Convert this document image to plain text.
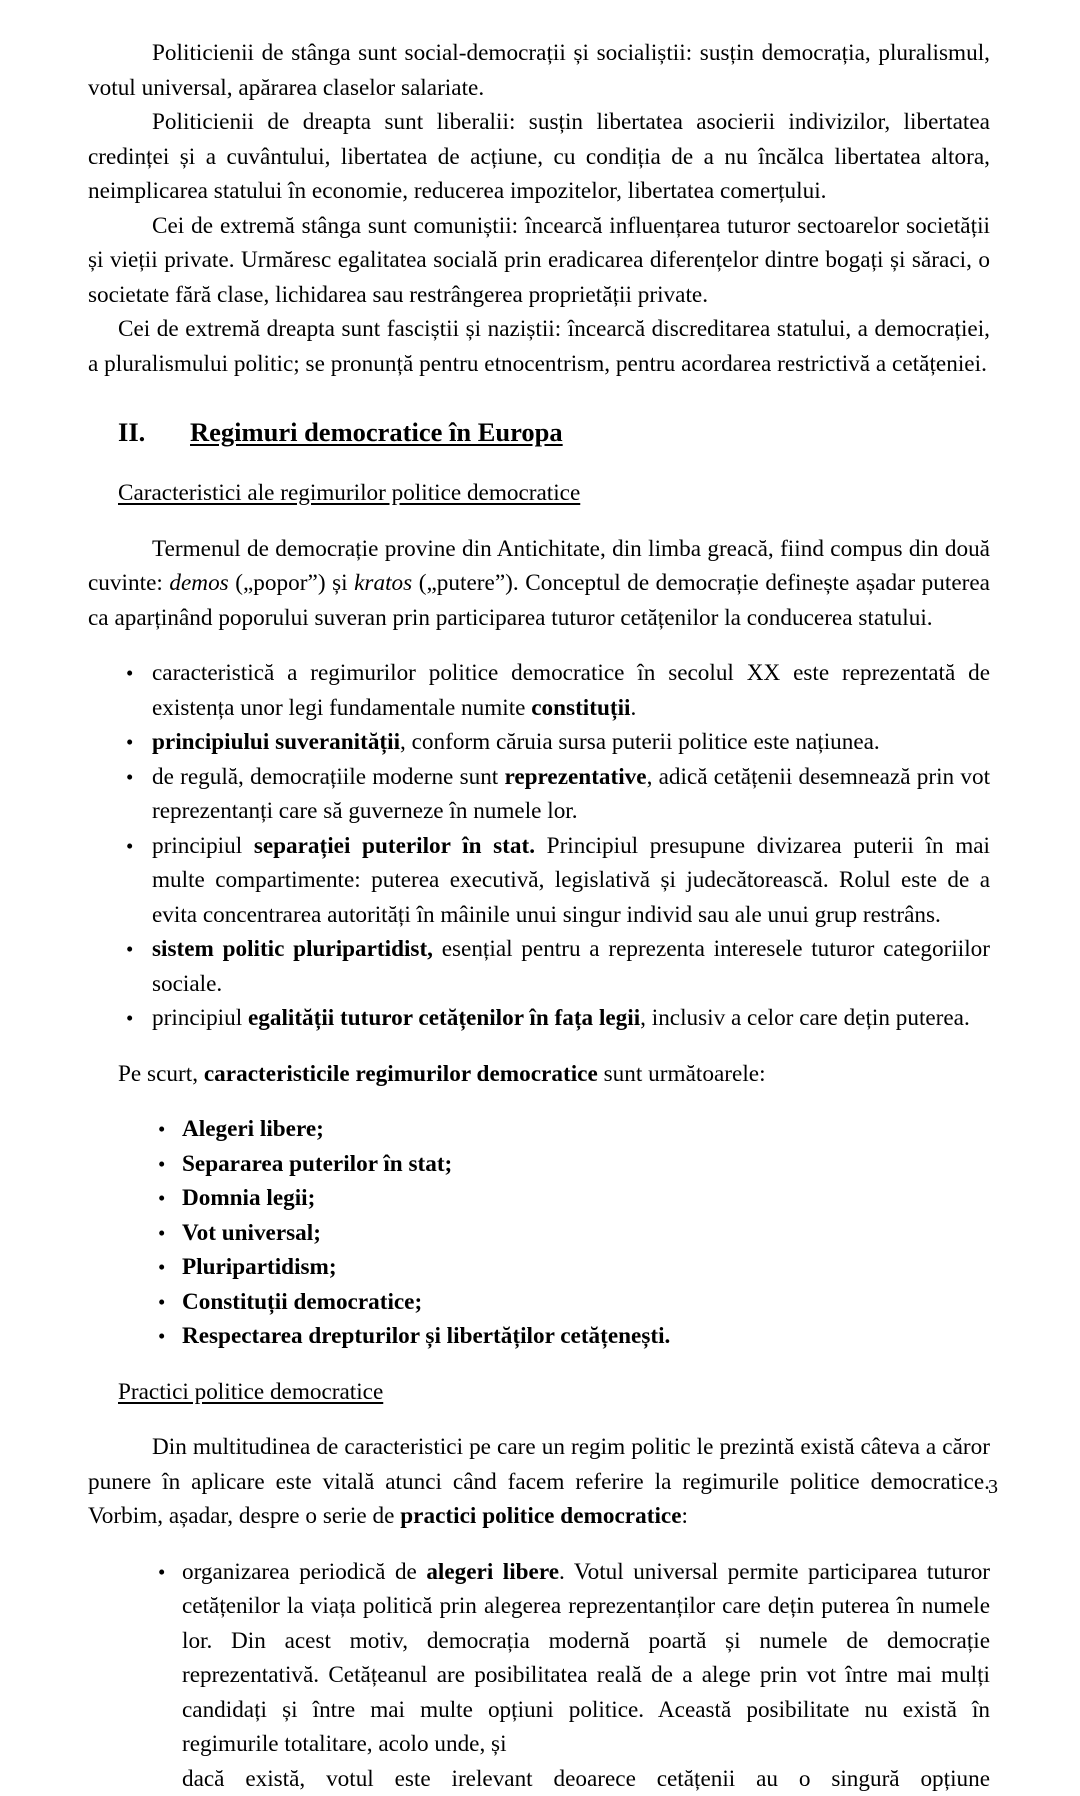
Politicienii de stânga sunt social-democrații și socialiștii: susțin democrația, pluralismul, votul universal, apărarea claselor salariate.

Politicienii de dreapta sunt liberalii: susțin libertatea asocierii indivizilor, libertatea credinței și a cuvântului, libertatea de acțiune, cu condiția de a nu încălca libertatea altora, neimplicarea statului în economie, reducerea impozitelor, libertatea comerțului.

Cei de extremă stânga sunt comuniștii: încearcă influențarea tuturor sectoarelor societății și vieții private. Urmăresc egalitatea socială prin eradicarea diferențelor dintre bogați și săraci, o societate fără clase, lichidarea sau restrângerea proprietății private.

Cei de extremă dreapta sunt fasciștii și naziștii: încearcă discreditarea statului, a democrației, a pluralismului politic; se pronunță pentru etnocentrism, pentru acordarea restrictivă a cetățeniei.

II.	Regimuri democratice în Europa
Caracteristici ale regimurilor politice democratice

Termenul de democrație provine din Antichitate, din limba greacă, fiind compus din două cuvinte: demos („popor”) și kratos („putere”). Conceptul de democrație definește așadar puterea ca aparținând poporului suveran prin participarea tuturor cetățenilor la conducerea statului.

• caracteristică a regimurilor politice democratice în secolul XX este reprezentată de existența unor legi fundamentale numite constituții.
• principiului suveranității, conform căruia sursa puterii politice este națiunea.
• de regulă, democrațiile moderne sunt reprezentative, adică cetățenii desemnează prin vot reprezentanți care să guverneze în numele lor.
• principiul separației puterilor în stat. Principiul presupune divizarea puterii în mai multe compartimente: puterea executivă, legislativă și judecătorească. Rolul este de a evita concentrarea autorități în mâinile unui singur individ sau ale unui grup restrâns.
• sistem politic pluripartidist, esențial pentru a reprezenta interesele tuturor categoriilor sociale.
• principiul egalității tuturor cetățenilor în fața legii, inclusiv a celor care dețin puterea.

Pe scurt, caracteristicile regimurilor democratice sunt următoarele:

• Alegeri libere;
• Separarea puterilor în stat;
• Domnia legii;
• Vot universal;
• Pluripartidism;
• Constituții democratice;
• Respectarea drepturilor și libertăților cetățenești.
Practici politice democratice

Din multitudinea de caracteristici pe care un regim politic le prezintă există câteva a căror punere în aplicare este vitală atunci când facem referire la regimurile politice democratice. Vorbim, așadar, despre o serie de practici politice democratice:

• organizarea periodică de alegeri libere. Votul universal permite participarea tuturor cetățenilor la viața politică prin alegerea reprezentanților care dețin puterea în numele lor. Din acest motiv, democrația modernă poartă și numele de democrație reprezentativă. Cetățeanul are posibilitatea reală de a alege prin vot între mai mulți candidați și între mai multe opțiuni politice. Această posibilitate nu există în regimurile totalitare, acolo unde, și
dacă există, votul este irelevant deoarece cetățenii au o singură opțiune
3
